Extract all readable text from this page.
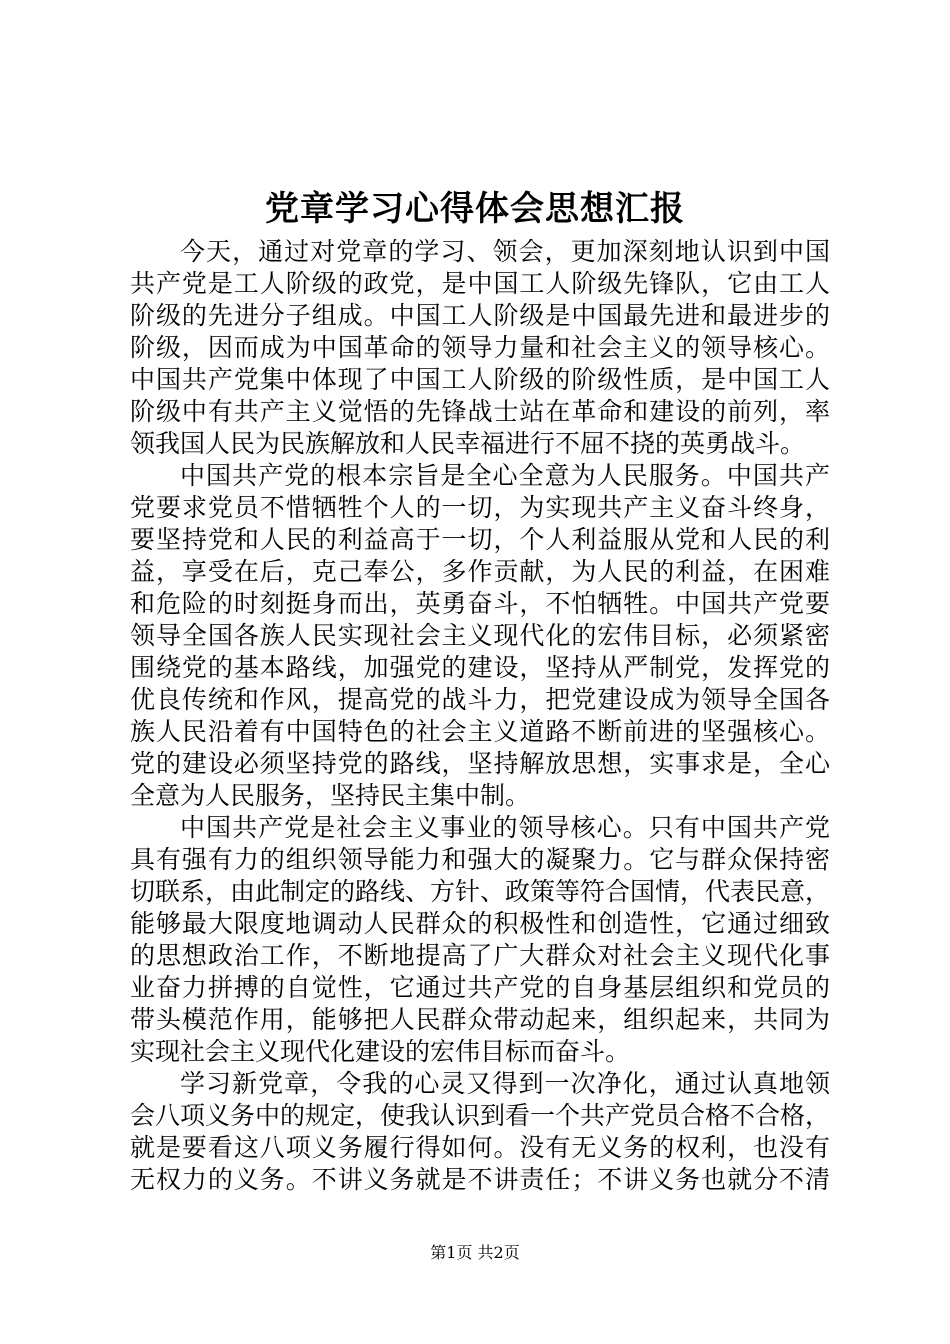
党章学习心得体会思想汇报
今天，通过对党章的学习、领会，更加深刻地认识到中国
共产党是工人阶级的政党，是中国工人阶级先锋队，它由工人
阶级的先进分子组成。中国工人阶级是中国最先进和最进步的
阶级，因而成为中国革命的领导力量和社会主义的领导核心。
中国共产党集中体现了中国工人阶级的阶级性质，是中国工人
阶级中有共产主义觉悟的先锋战士站在革命和建设的前列，率
领我国人民为民族解放和人民幸福进行不屈不挠的英勇战斗。
中国共产党的根本宗旨是全心全意为人民服务。中国共产
党要求党员不惜牺牲个人的一切，为实现共产主义奋斗终身，
要坚持党和人民的利益高于一切，个人利益服从党和人民的利
益，享受在后，克己奉公，多作贡献，为人民的利益，在困难
和危险的时刻挺身而出，英勇奋斗，不怕牺牲。中国共产党要
领导全国各族人民实现社会主义现代化的宏伟目标，必须紧密
围绕党的基本路线，加强党的建设，坚持从严制党，发挥党的
优良传统和作风，提高党的战斗力，把党建设成为领导全国各
族人民沿着有中国特色的社会主义道路不断前进的坚强核心。
党的建设必须坚持党的路线，坚持解放思想，实事求是，全心
全意为人民服务，坚持民主集中制。
中国共产党是社会主义事业的领导核心。只有中国共产党
具有强有力的组织领导能力和强大的凝聚力。它与群众保持密
切联系，由此制定的路线、方针、政策等符合国情，代表民意，
能够最大限度地调动人民群众的积极性和创造性，它通过细致
的思想政治工作，不断地提高了广大群众对社会主义现代化事
业奋力拼搏的自觉性，它通过共产党的自身基层组织和党员的
带头模范作用，能够把人民群众带动起来，组织起来，共同为
实现社会主义现代化建设的宏伟目标而奋斗。
学习新党章，令我的心灵又得到一次净化，通过认真地领
会八项义务中的规定，使我认识到看一个共产党员合格不合格，
就是要看这八项义务履行得如何。没有无义务的权利，也没有
无权力的义务。不讲义务就是不讲责任；不讲义务也就分不清
第1页 共2页
